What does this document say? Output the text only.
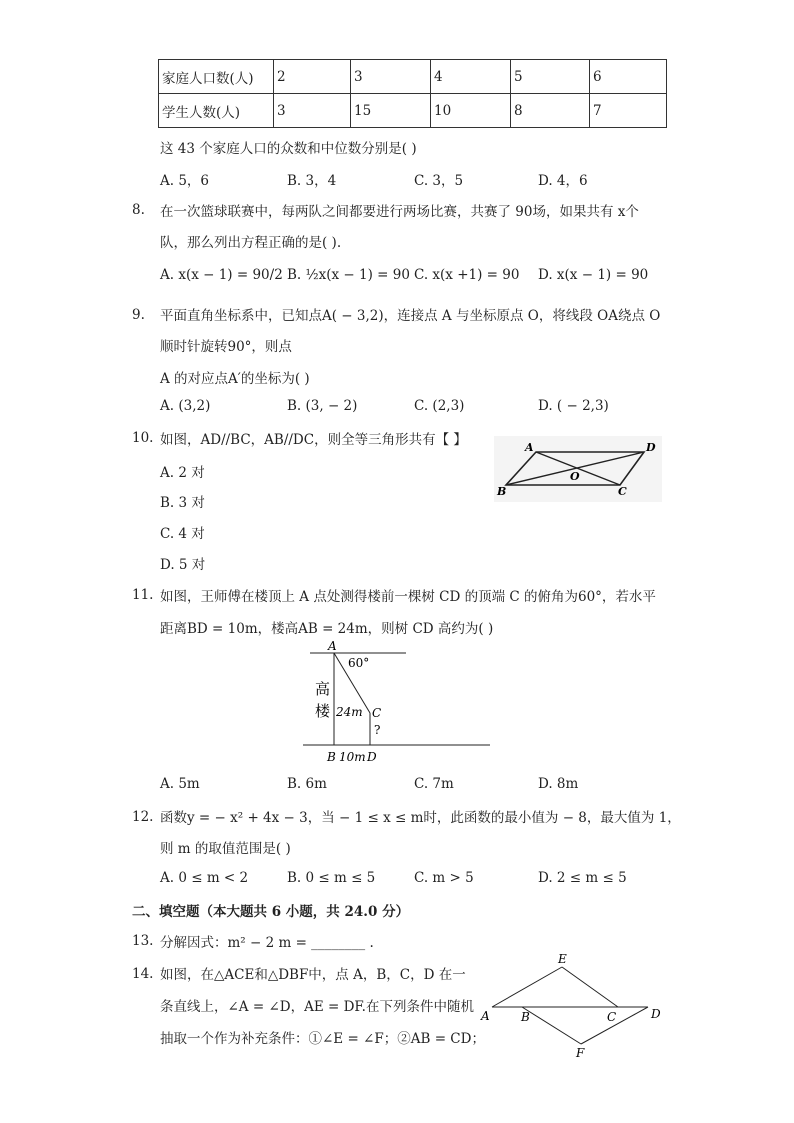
家庭人口数(人)	2	3	4	5	6
学生人数(人)	3	15	10	8	7
这 43 个家庭人口的众数和中位数分别是( )
A. 5，6	B. 3，4	C. 3，5	D. 4，6
8. 在一次篮球联赛中，每两队之间都要进行两场比赛，共赛了 90场，如果共有 x个
队，那么列出方程正确的是( ).
A. x(x − 1) = 90/2 B. ½x(x − 1) = 90 C. x(x +1) = 90 D. x(x − 1) = 90
9. 平面直角坐标系中，已知点A( − 3,2)，连接点 A 与坐标原点 O，将线段 OA绕点 O
顺时针旋转90°，则点
A 的对应点A′的坐标为( )
A. (3,2)	B. (3, − 2)	C. (2,3)	D. ( − 2,3)
10. 如图，AD//BC，AB//DC，则全等三角形共有【 】
A. 2 对
B. 3 对
C. 4 对
D. 5 对
A	D
B	C
O
11. 如图，王师傅在楼顶上 A 点处测得楼前一棵树 CD 的顶端 C 的俯角为60°，若水平
距离BD = 10m，楼高AB = 24m，则树 CD 高约为( )
A
60°
高
楼 24m C
?
B 10m D
A. 5m	B. 6m	C. 7m	D. 8m
12. 函数y = − x² + 4x − 3，当 − 1 ≤ x ≤ m时，此函数的最小值为 − 8，最大值为 1，
则 m 的取值范围是( )
A. 0 ≤ m < 2	B. 0 ≤ m ≤ 5	C. m > 5	D. 2 ≤ m ≤ 5
二、填空题（本大题共 6 小题，共 24.0 分）
13. 分解因式：m² − 2 m = ________ .
14. 如图，在△ACE和△DBF中，点 A，B，C，D 在一
条直线上，∠A = ∠D，AE = DF.在下列条件中随机
抽取一个作为补充条件：①∠E = ∠F；②AB = CD；
E
A	B	C	D
F
